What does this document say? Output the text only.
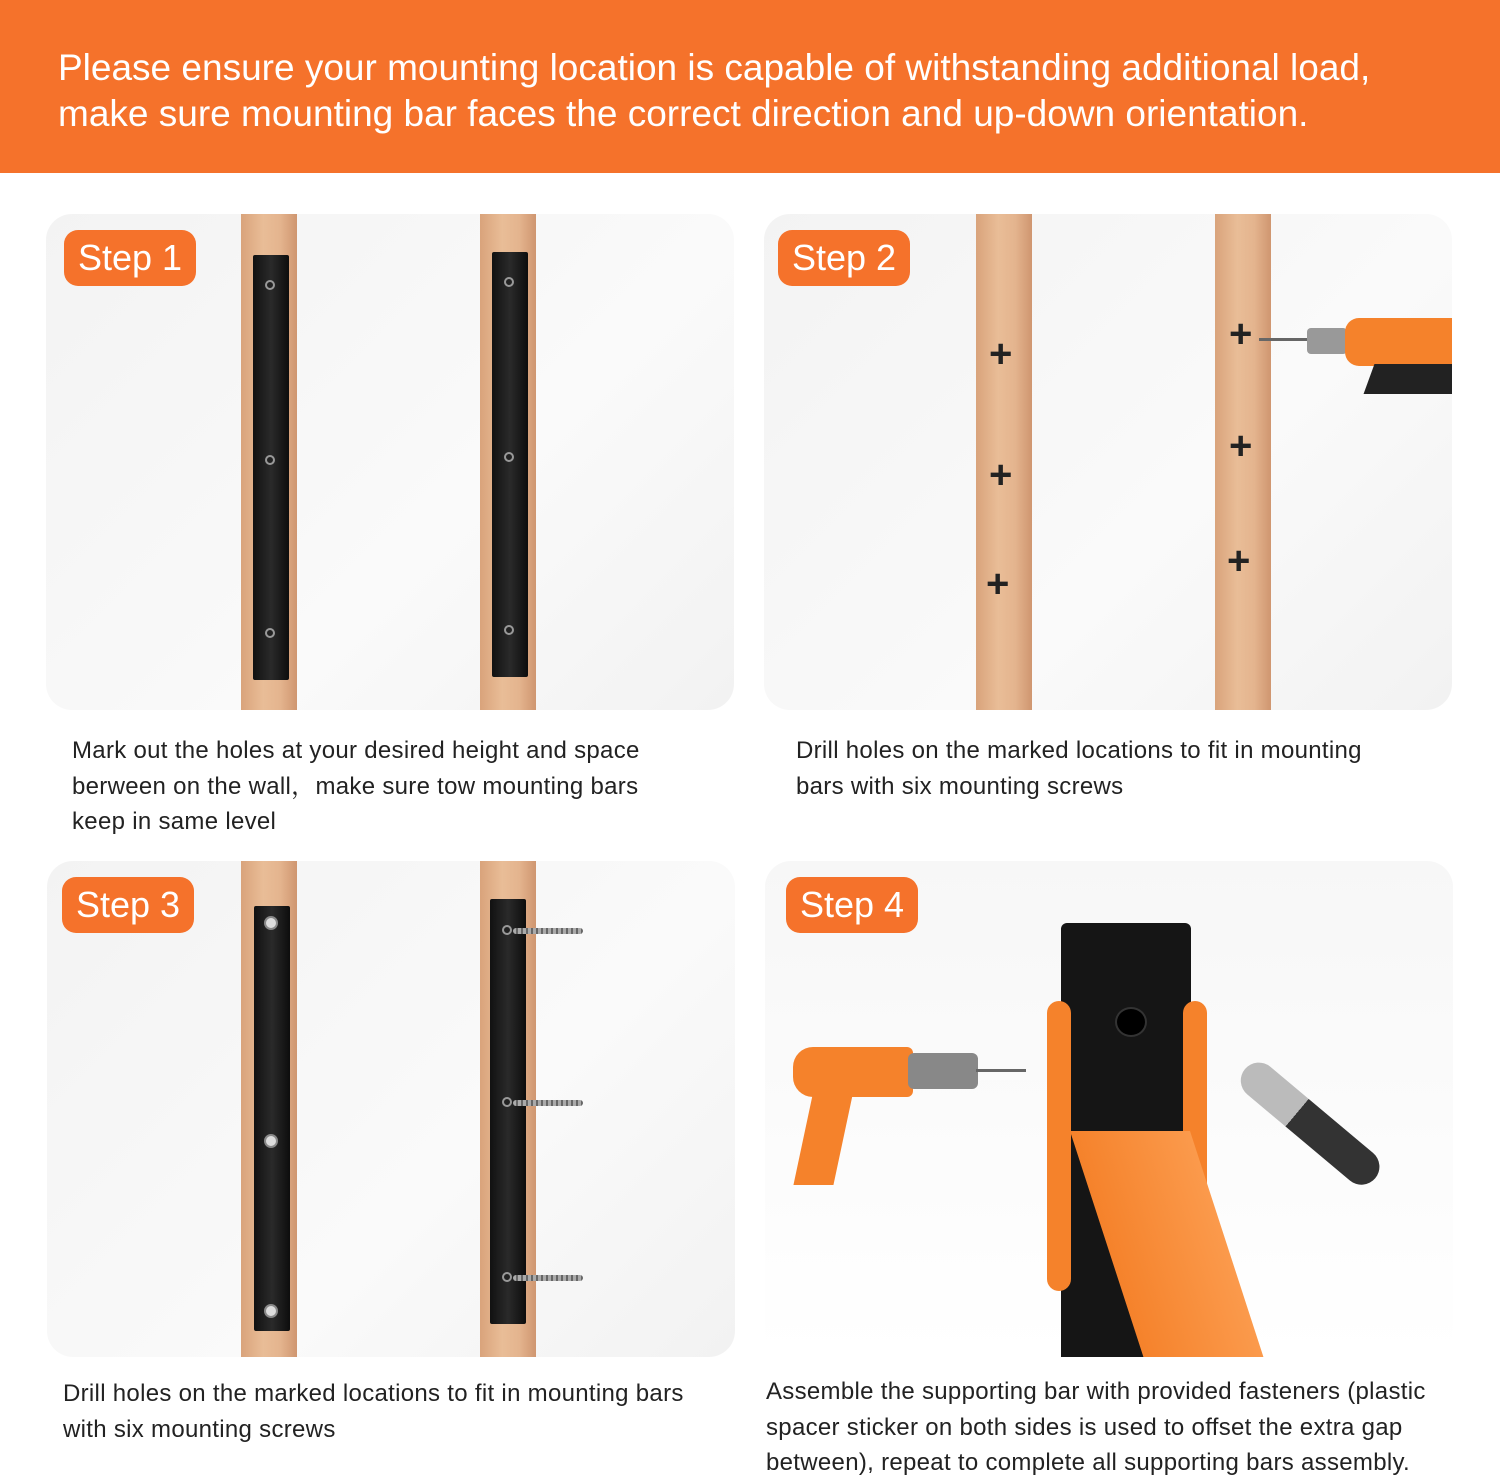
Please ensure your mounting location is capable of withstanding additional load,

make sure mounting bar faces the correct direction and up-down orientation.

Step 1
Mark out the holes at your desired height and space
berween on the wall，make sure tow mounting bars
keep in same level
Step 2
+
+
+
+
+
+
Drill holes on the marked locations to fit in mounting
bars with six mounting screws
Step 3
Drill holes on the marked locations to fit in mounting bars
with six mounting screws
Step 4
Assemble the supporting bar with provided fasteners (plastic
spacer sticker on both sides is used to offset the extra gap
between), repeat to complete all supporting bars assembly.
